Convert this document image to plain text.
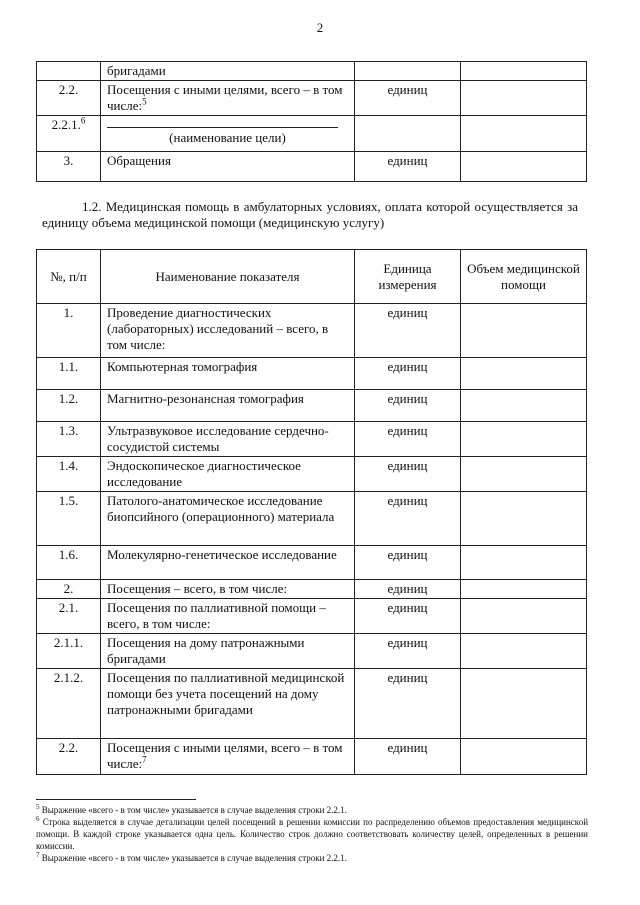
2
	бригадами		
2.2.	Посещения с иными целями, всего – в том числе:$^5$	единиц	
2.2.1.$^6$	(наименование цели)		

3.	Обращения	единиц	
1.2. Медицинская помощь в амбулаторных условиях, оплата которой осуществляется за единицу объема медицинской помощи (медицинскую услугу)
№, п/п	Наименование показателя	Единица измерения	Объем медицинской помощи
1.	Проведение диагностических (лабораторных) исследований – всего, в том числе:	единиц	
1.1.	Компьютерная томография	единиц	
1.2.	Магнитно-резонансная томография	единиц	
1.3.	Ультразвуковое исследование сердечно-сосудистой системы	единиц	
1.4.	Эндоскопическое диагностическое исследование	единиц	
1.5.	Патолого-анатомическое исследование биопсийного (операционного) материала	единиц	
1.6.	Молекулярно-генетическое исследование	единиц	
2.	Посещения – всего, в том числе:	единиц	
2.1.	Посещения по паллиативной помощи – всего, в том числе:	единиц	
2.1.1.	Посещения на дому патронажными бригадами	единиц	
2.1.2.	Посещения по паллиативной медицинской помощи без учета посещений на дому патронажными бригадами	единиц	
2.2.	Посещения с иными целями, всего – в том числе:$^7$	единиц	

$^5$ Выражение «всего - в том числе» указывается в случае выделения строки 2.2.1.

$^6$ Строка выделяется в случае детализации целей посещений в решении комиссии по распределению объемов предоставления медицинской помощи. В каждой строке указывается одна цель. Количество строк должно соответствовать количеству целей, определенных в решении комиссии.

$^7$ Выражение «всего - в том числе» указывается в случае выделения строки 2.2.1.
